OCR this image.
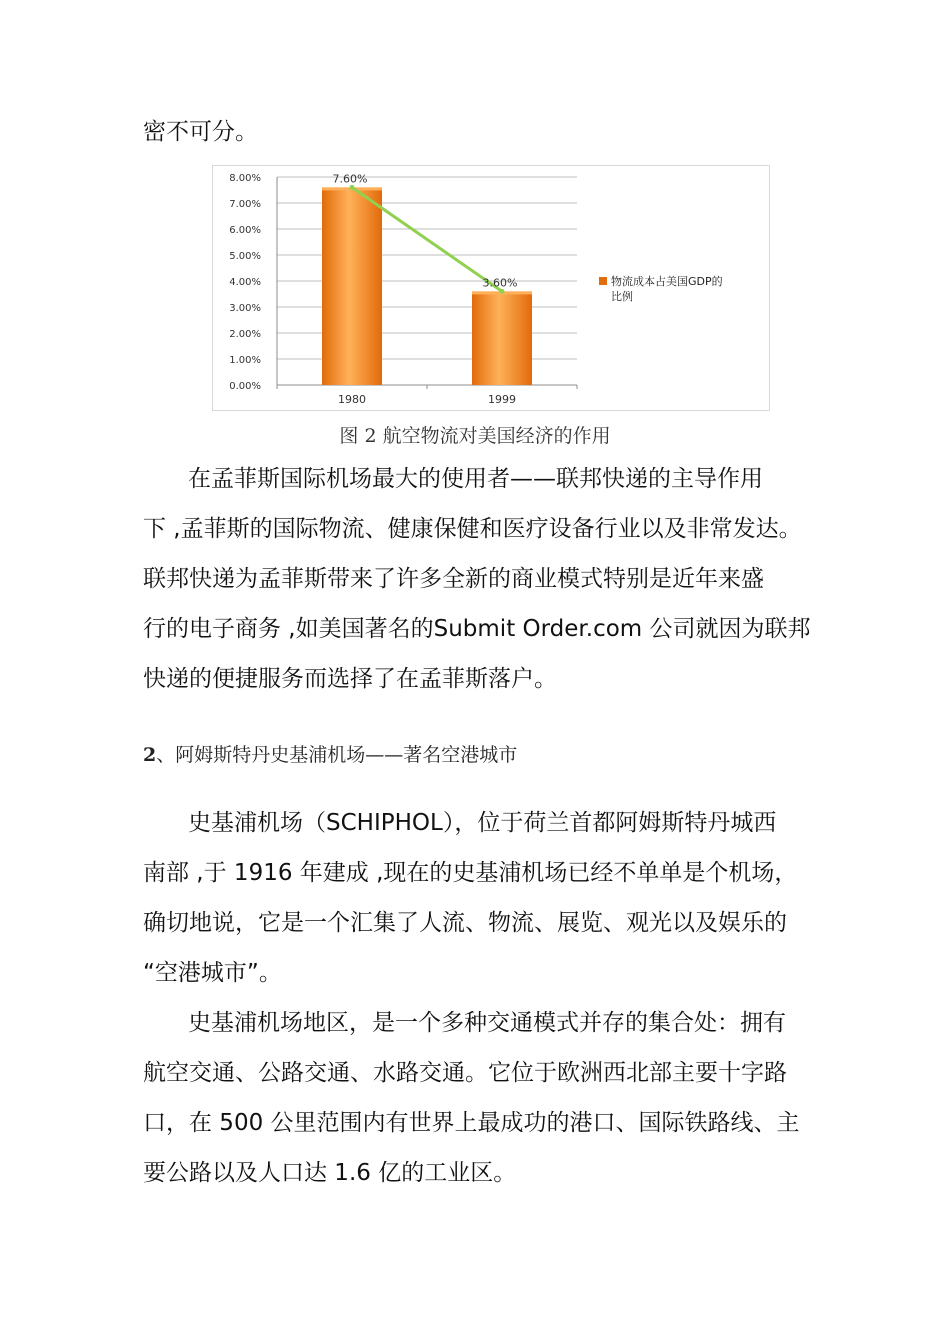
密不可分。
0.00%
1.00%
2.00%
3.00%
4.00%
5.00%
6.00%
7.00%
8.00%
1980	1999
7.60%
3.60%	物流成本占美国GDP的
比例
图 2 航空物流对美国经济的作用
在孟菲斯国际机场最大的使用者——联邦快递的主导作用
下 ,孟菲斯的国际物流、健康保健和医疗设备行业以及非常发达。
联邦快递为孟菲斯带来了许多全新的商业模式特别是近年来盛
行的电子商务 ,如美国著名的Submit Order.com 公司就因为联邦
快递的便捷服务而选择了在孟菲斯落户。
2、阿姆斯特丹史基浦机场——著名空港城市
史基浦机场（SCHIPHOL），位于荷兰首都阿姆斯特丹城西
南部 ,于 1916 年建成 ,现在的史基浦机场已经不单单是个机场，
确切地说，它是一个汇集了人流、物流、展览、观光以及娱乐的
“空港城市”。
史基浦机场地区，是一个多种交通模式并存的集合处：拥有
航空交通、公路交通、水路交通。它位于欧洲西北部主要十字路
口，在 500 公里范围内有世界上最成功的港口、国际铁路线、主
要公路以及人口达 1.6 亿的工业区。
